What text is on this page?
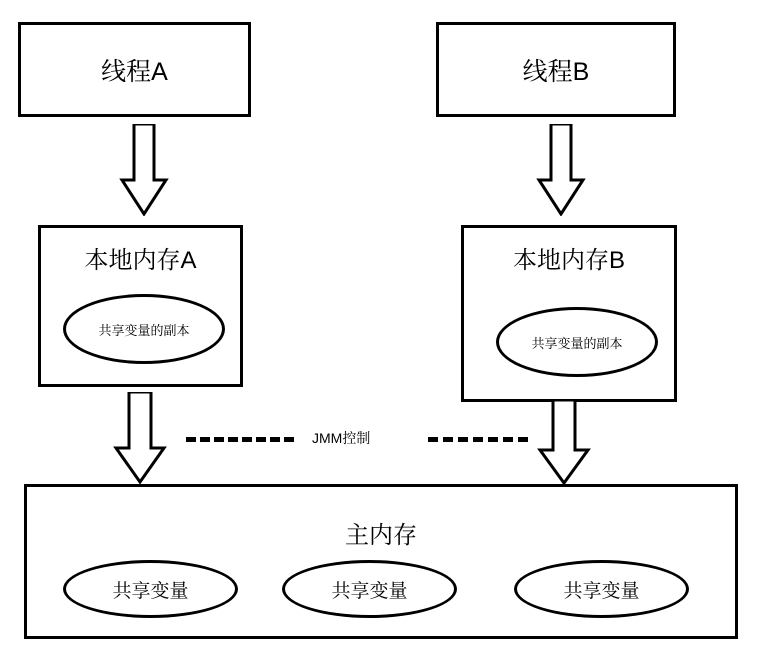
线程A	线程B
本地内存A
共享变量的副本
本地内存B
共享变量的副本
JMM控制
主内存
共享变量	共享变量	共享变量
